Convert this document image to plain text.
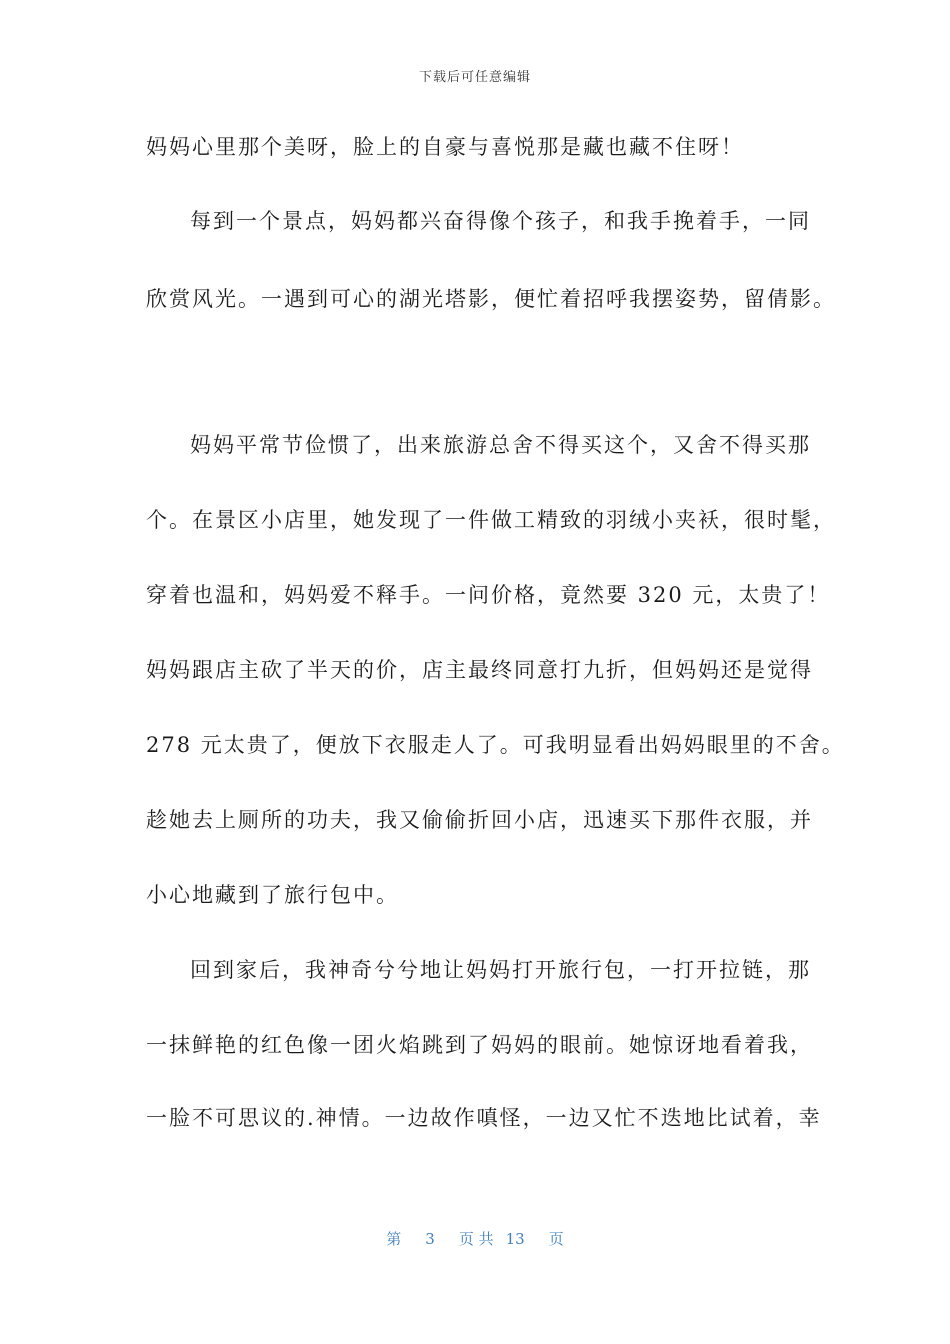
下载后可任意编辑
妈妈心里那个美呀，脸上的自豪与喜悦那是藏也藏不住呀！
每到一个景点，妈妈都兴奋得像个孩子，和我手挽着手，一同
欣赏风光。一遇到可心的湖光塔影，便忙着招呼我摆姿势，留倩影。
妈妈平常节俭惯了，出来旅游总舍不得买这个，又舍不得买那
个。在景区小店里，她发现了一件做工精致的羽绒小夹袄，很时髦，
穿着也温和，妈妈爱不释手。一问价格，竟然要 320 元，太贵了！
妈妈跟店主砍了半天的价，店主最终同意打九折，但妈妈还是觉得
278 元太贵了，便放下衣服走人了。可我明显看出妈妈眼里的不舍。
趁她去上厕所的功夫，我又偷偷折回小店，迅速买下那件衣服，并
小心地藏到了旅行包中。
回到家后，我神奇兮兮地让妈妈打开旅行包，一打开拉链，那
一抹鲜艳的红色像一团火焰跳到了妈妈的眼前。她惊讶地看着我，
一脸不可思议的.神情。一边故作嗔怪，一边又忙不迭地比试着，幸
第 3 页 共 13 页
